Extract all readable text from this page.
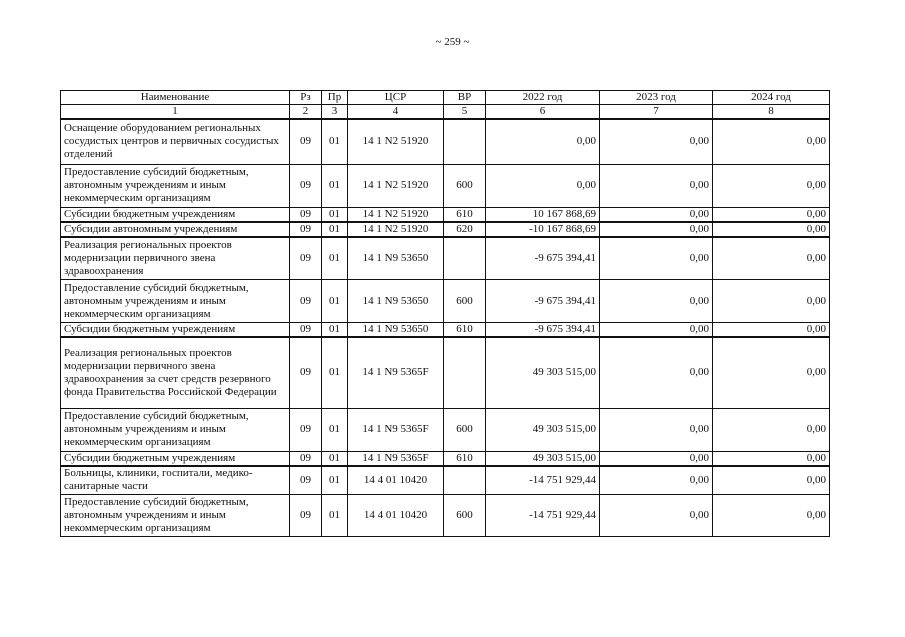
~ 259 ~
Наименование	Рз	Пр	ЦСР	ВР	2022 год	2023 год	2024 год
1	2	3	4	5	6	7	8
Оснащение оборудованием региональных сосудистых центров и первичных сосудистых отделений	09	01	14 1 N2 51920		0,00	0,00	0,00
Предоставление субсидий бюджетным, автономным учреждениям и иным некоммерческим организациям	09	01	14 1 N2 51920	600	0,00	0,00	0,00
Субсидии бюджетным учреждениям	09	01	14 1 N2 51920	610	10 167 868,69	0,00	0,00
Субсидии автономным учреждениям	09	01	14 1 N2 51920	620	-10 167 868,69	0,00	0,00
Реализация региональных проектов модернизации первичного звена здравоохранения	09	01	14 1 N9 53650		-9 675 394,41	0,00	0,00
Предоставление субсидий бюджетным, автономным учреждениям и иным некоммерческим организациям	09	01	14 1 N9 53650	600	-9 675 394,41	0,00	0,00
Субсидии бюджетным учреждениям	09	01	14 1 N9 53650	610	-9 675 394,41	0,00	0,00
Реализация региональных проектов модернизации первичного звена здравоохранения за счет средств резервного фонда Правительства Российской Федерации	09	01	14 1 N9 5365F		49 303 515,00	0,00	0,00
Предоставление субсидий бюджетным, автономным учреждениям и иным некоммерческим организациям	09	01	14 1 N9 5365F	600	49 303 515,00	0,00	0,00
Субсидии бюджетным учреждениям	09	01	14 1 N9 5365F	610	49 303 515,00	0,00	0,00
Больницы, клиники, госпитали, медико-санитарные части	09	01	14 4 01 10420		-14 751 929,44	0,00	0,00
Предоставление субсидий бюджетным, автономным учреждениям и иным некоммерческим организациям	09	01	14 4 01 10420	600	-14 751 929,44	0,00	0,00
